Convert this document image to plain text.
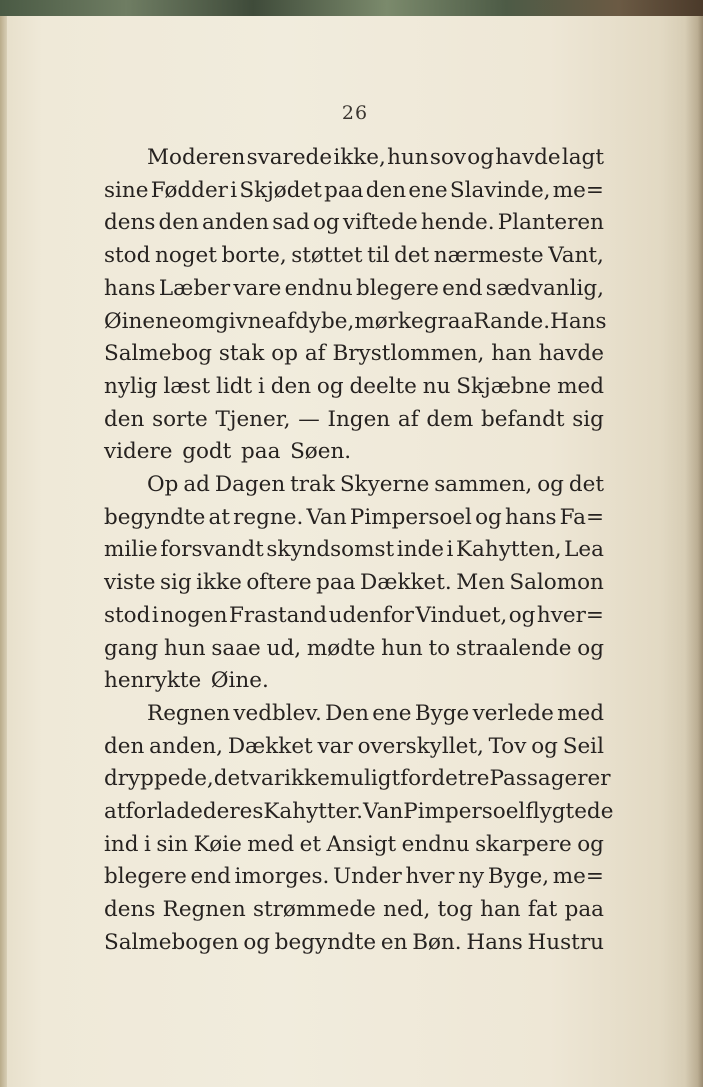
26
Moderen svarede ikke, hun sov og havde lagt
sine Fødder i Skjødet paa den ene Slavinde, me=
dens den anden sad og viftede hende. Planteren
stod noget borte, støttet til det nærmeste Vant,
hans Læber vare endnu blegere end sædvanlig,
Øinene omgivne af dybe, mørkegraa Rande. Hans
Salmebog stak op af Brystlommen, han havde
nylig læst lidt i den og deelte nu Skjæbne med
den sorte Tjener, — Ingen af dem befandt sig
videre godt paa Søen.
Op ad Dagen trak Skyerne sammen, og det
begyndte at regne. Van Pimpersoel og hans Fa=
milie forsvandt skyndsomst inde i Kahytten, Lea
viste sig ikke oftere paa Dækket. Men Salomon
stod i nogen Frastand udenfor Vinduet, og hver=
gang hun saae ud, mødte hun to straalende og
henrykte Øine.
Regnen vedblev. Den ene Byge verlede med
den anden, Dækket var overskyllet, Tov og Seil
dryppede, det var ikke muligt for de tre Passagerer
at forlade deres Kahytter. Van Pimpersoel flygtede
ind i sin Køie med et Ansigt endnu skarpere og
blegere end imorges. Under hver ny Byge, me=
dens Regnen strømmede ned, tog han fat paa
Salmebogen og begyndte en Bøn. Hans Hustru
